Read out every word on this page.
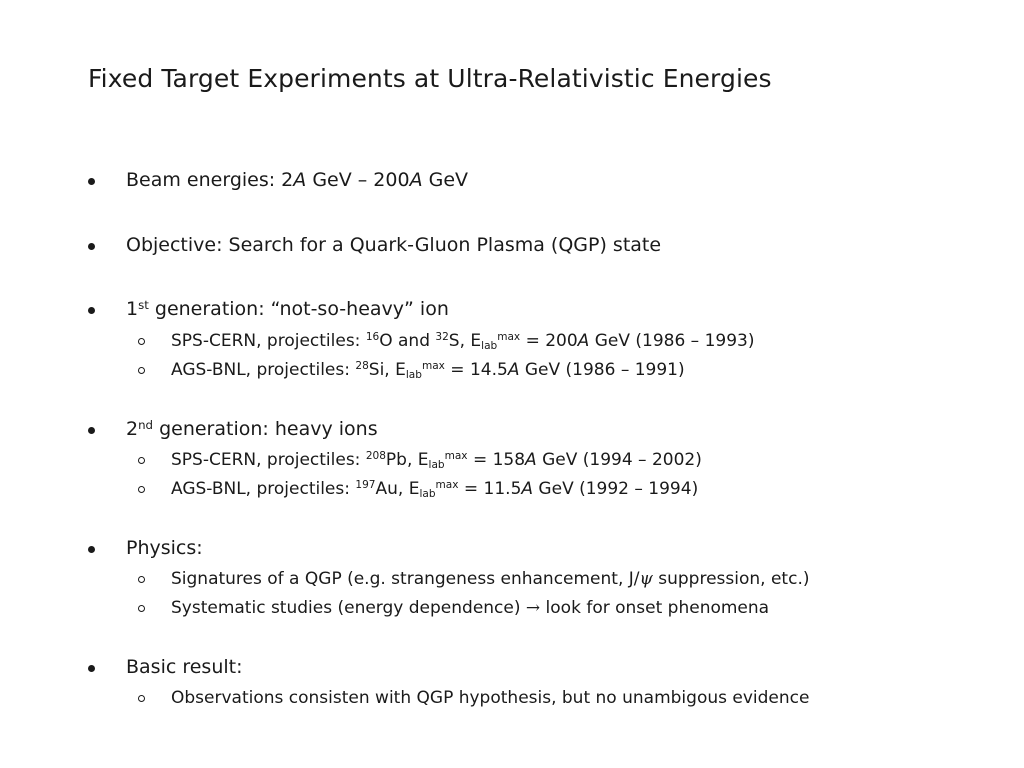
Fixed Target Experiments at Ultra-Relativistic Energies
Beam energies: 2A GeV – 200A GeV
Objective: Search for a Quark-Gluon Plasma (QGP) state
1st generation: “not-so-heavy” ion
SPS-CERN, projectiles: $^{16}$O and $^{32}$S, $E_{lab}^{max} = 200A$ GeV (1986 – 1993)
AGS-BNL, projectiles: $^{28}$Si, $E_{lab}^{max} = 14.5A$ GeV (1986 – 1991)
2nd generation: heavy ions
SPS-CERN, projectiles: $^{208}$Pb, $E_{lab}^{max} = 158A$ GeV (1994 – 2002)
AGS-BNL, projectiles: $^{197}$Au, $E_{lab}^{max} = 11.5A$ GeV (1992 – 1994)
Physics:
Signatures of a QGP (e.g. strangeness enhancement, J/ψ suppression, etc.)
Systematic studies (energy dependence) → look for onset phenomena
Basic result:
Observations consisten with QGP hypothesis, but no unambigous evidence
